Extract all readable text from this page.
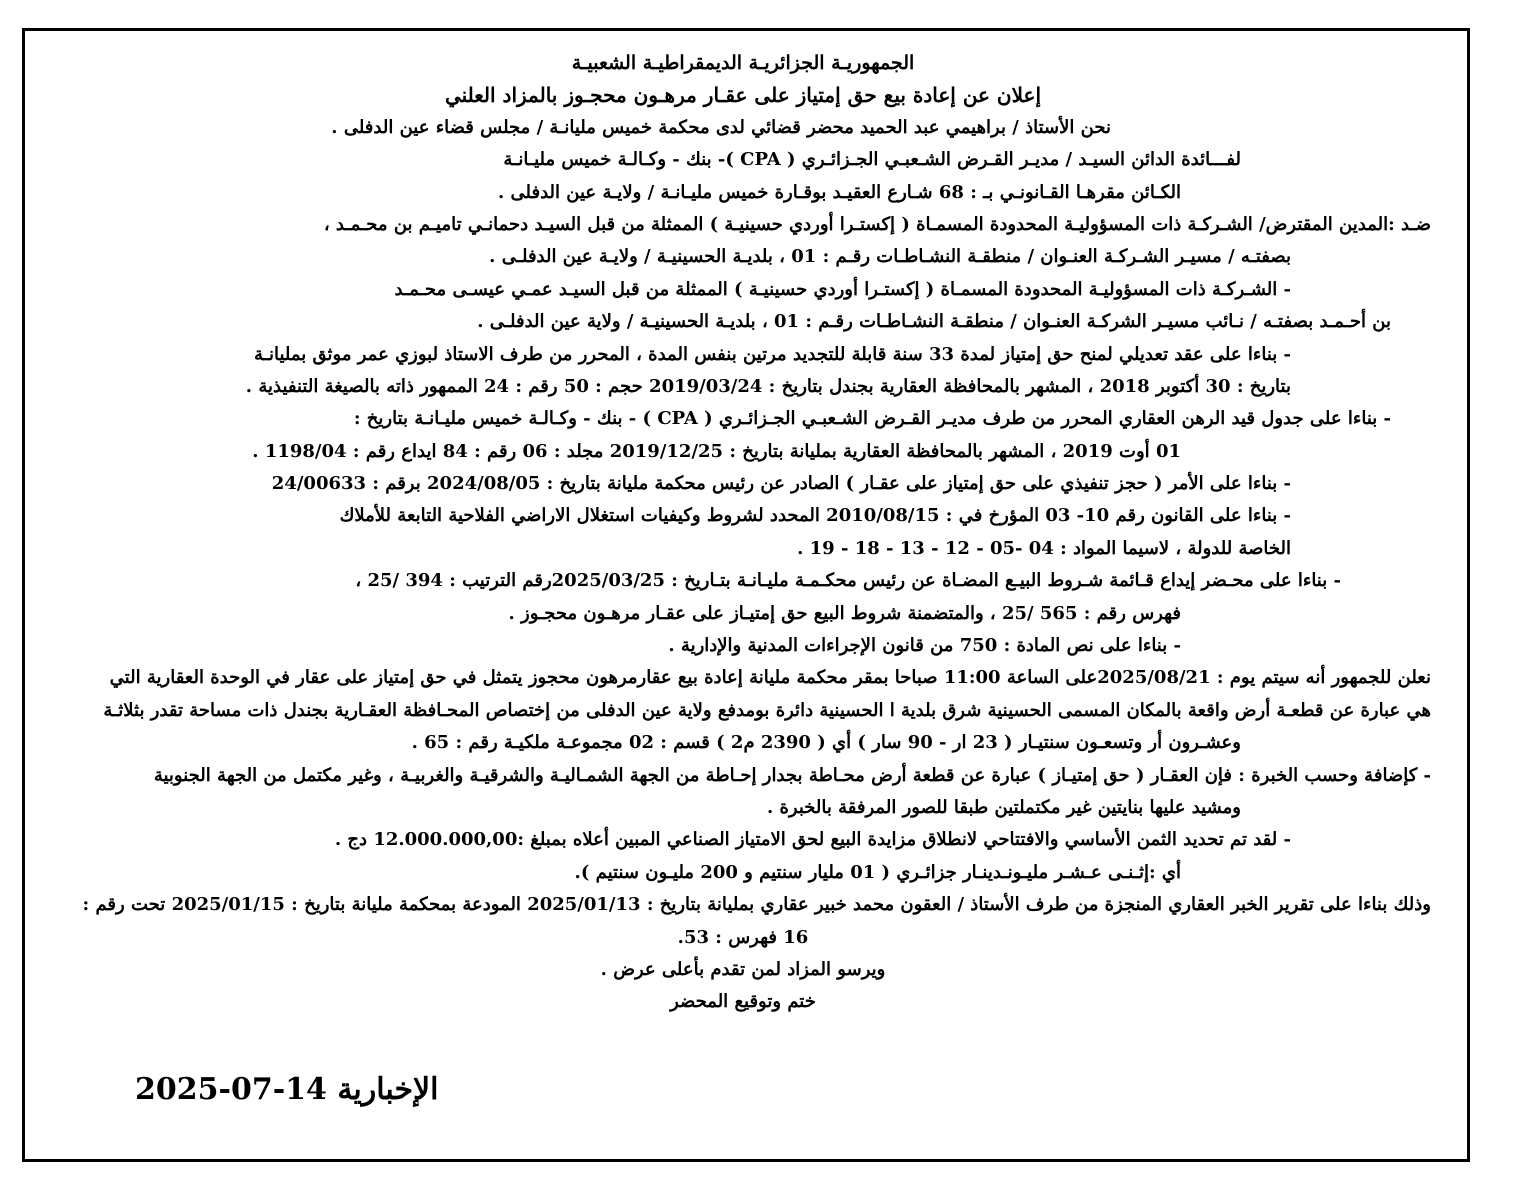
الجمهوريـة الجزائريـة الديمقراطيـة الشعبيـة
إعلان عن إعادة بيع حق إمتياز على عقـار مرهـون محجـوز بالمزاد العلني
نحن الأستاذ / براهيمي عبد الحميد محضر قضائي لدى محكمة خميس مليانـة / مجلس قضاء عين الدفلى .
لفـــائدة الدائن السيـد / مديـر القـرض الشـعبـي الجـزائـري ( CPA )- بنك - وكـالـة خميس مليـانـة
الكـائن مقرهـا القـانونـي بـ : 68 شـارع العقيـد بوقـارة خميس مليـانـة / ولايـة عين الدفلى .
ضـد :المدين المقترض/ الشـركـة ذات المسؤوليـة المحدودة المسمـاة ( إكستـرا أوردي حسينيـة ) الممثلة من قبل السيـد دحمانـي تاميـم بن محـمـد ،
بصفتـه / مسيـر الشـركـة العنـوان / منطقـة النشـاطـات رقـم : 01 ، بلديـة الحسينيـة / ولايـة عين الدفلـى .
- الشـركـة ذات المسؤوليـة المحدودة المسمـاة ( إكستـرا أوردي حسينيـة ) الممثلة من قبل السيـد عمـي عيسـى محـمـد
بن أحـمـد بصفتـه / نـائب مسيـر الشركـة العنـوان / منطقـة النشـاطـات رقـم : 01 ، بلديـة الحسينيـة / ولاية عين الدفلـى .
- بناءا على عقد تعديلي لمنح حق إمتياز لمدة 33 سنة قابلة للتجديد مرتين بنفس المدة ، المحرر من طرف الاستاذ لبوزي عمر موثق بمليانـة
بتاريخ : 30 أكتوبر 2018 ، المشهر بالمحافظة العقارية بجندل بتاريخ : 2019/03/24 حجم : 50 رقم : 24 الممهور ذاته بالصيغة التنفيذية .
- بناءا على جدول قيد الرهن العقاري المحرر من طرف مديـر القـرض الشـعبـي الجـزائـري ( CPA ) - بنك - وكـالـة خميس مليـانـة بتاريخ :
01 أوت 2019 ، المشهر بالمحافظة العقارية بمليانة بتاريخ : 2019/12/25 مجلد : 06 رقم : 84 ايداع رقم : 1198/04 .
- بناءا على الأمر ( حجز تنفيذي على حق إمتياز على عقـار ) الصادر عن رئيس محكمة مليانة بتاريخ : 2024/08/05 برقم : 24/00633
- بناءا على القانون رقم 10- 03 المؤرخ في : 2010/08/15 المحدد لشروط وكيفيات استغلال الاراضي الفلاحية التابعة للأملاك
الخاصة للدولة ، لاسيما المواد : 04 -05 - 12 - 13 - 18 - 19 .
- بناءا على محـضر إيداع قـائمة شـروط البيـع المضـاة عن رئيس محكـمـة مليـانـة بتـاريخ : 2025/03/25رقم الترتيب : 394 /25 ،
فهرس رقم : 565 /25 ، والمتضمنة شروط البيع حق إمتيـاز على عقـار مرهـون محجـوز .
- بناءا على نص المادة : 750 من قانون الإجراءات المدنية والإدارية .
نعلن للجمهور أنه سيتم يوم : 2025/08/21على الساعة 11:00 صباحا بمقر محكمة مليانة إعادة بيع عقارمرهون محجوز يتمثل في حق إمتياز على عقار في الوحدة العقارية التي
هي عبارة عن قطعـة أرض واقعة بالمكان المسمى الحسينية شرق بلدية ا الحسينية دائرة بومدفع ولاية عين الدفلى من إختصاص المحـافظة العقـارية بجندل ذات مساحة تقدر بثلاثـة
وعشـرون أر وتسعـون سنتيـار ( 23 ار - 90 سار ) أي ( 2390 م2 ) قسم : 02 مجموعـة ملكيـة رقم : 65 .
- كإضافة وحسب الخبرة : فإن العقـار ( حق إمتيـاز ) عبارة عن قطعة أرض محـاطة بجدار إحـاطة من الجهة الشمـاليـة والشرقيـة والغربيـة ، وغير مكتمل من الجهة الجنوبية
ومشيد عليها بنايتين غير مكتملتين طبقا للصور المرفقة بالخبرة .
- لقد تم تحديد الثمن الأساسي والافتتاحي لانطلاق مزايدة البيع لحق الامتياز الصناعي المبين أعلاه بمبلغ :12.000.000,00 دج .
أي :إثـنـى عـشـر مليـونـدينـار جزائـري ( 01 مليار سنتيم و 200 مليـون سنتيم ).
وذلك بناءا على تقرير الخبر العقاري المنجزة من طرف الأستاذ / العقون محمد خبير عقاري بمليانة بتاريخ : 2025/01/13 المودعة بمحكمة مليانة بتاريخ : 2025/01/15 تحت رقم :
16 فهرس : 53.
ويرسو المزاد لمن تقدم بأعلى عرض .
ختم وتوقيع المحضر
الإخبارية 14-07-2025
